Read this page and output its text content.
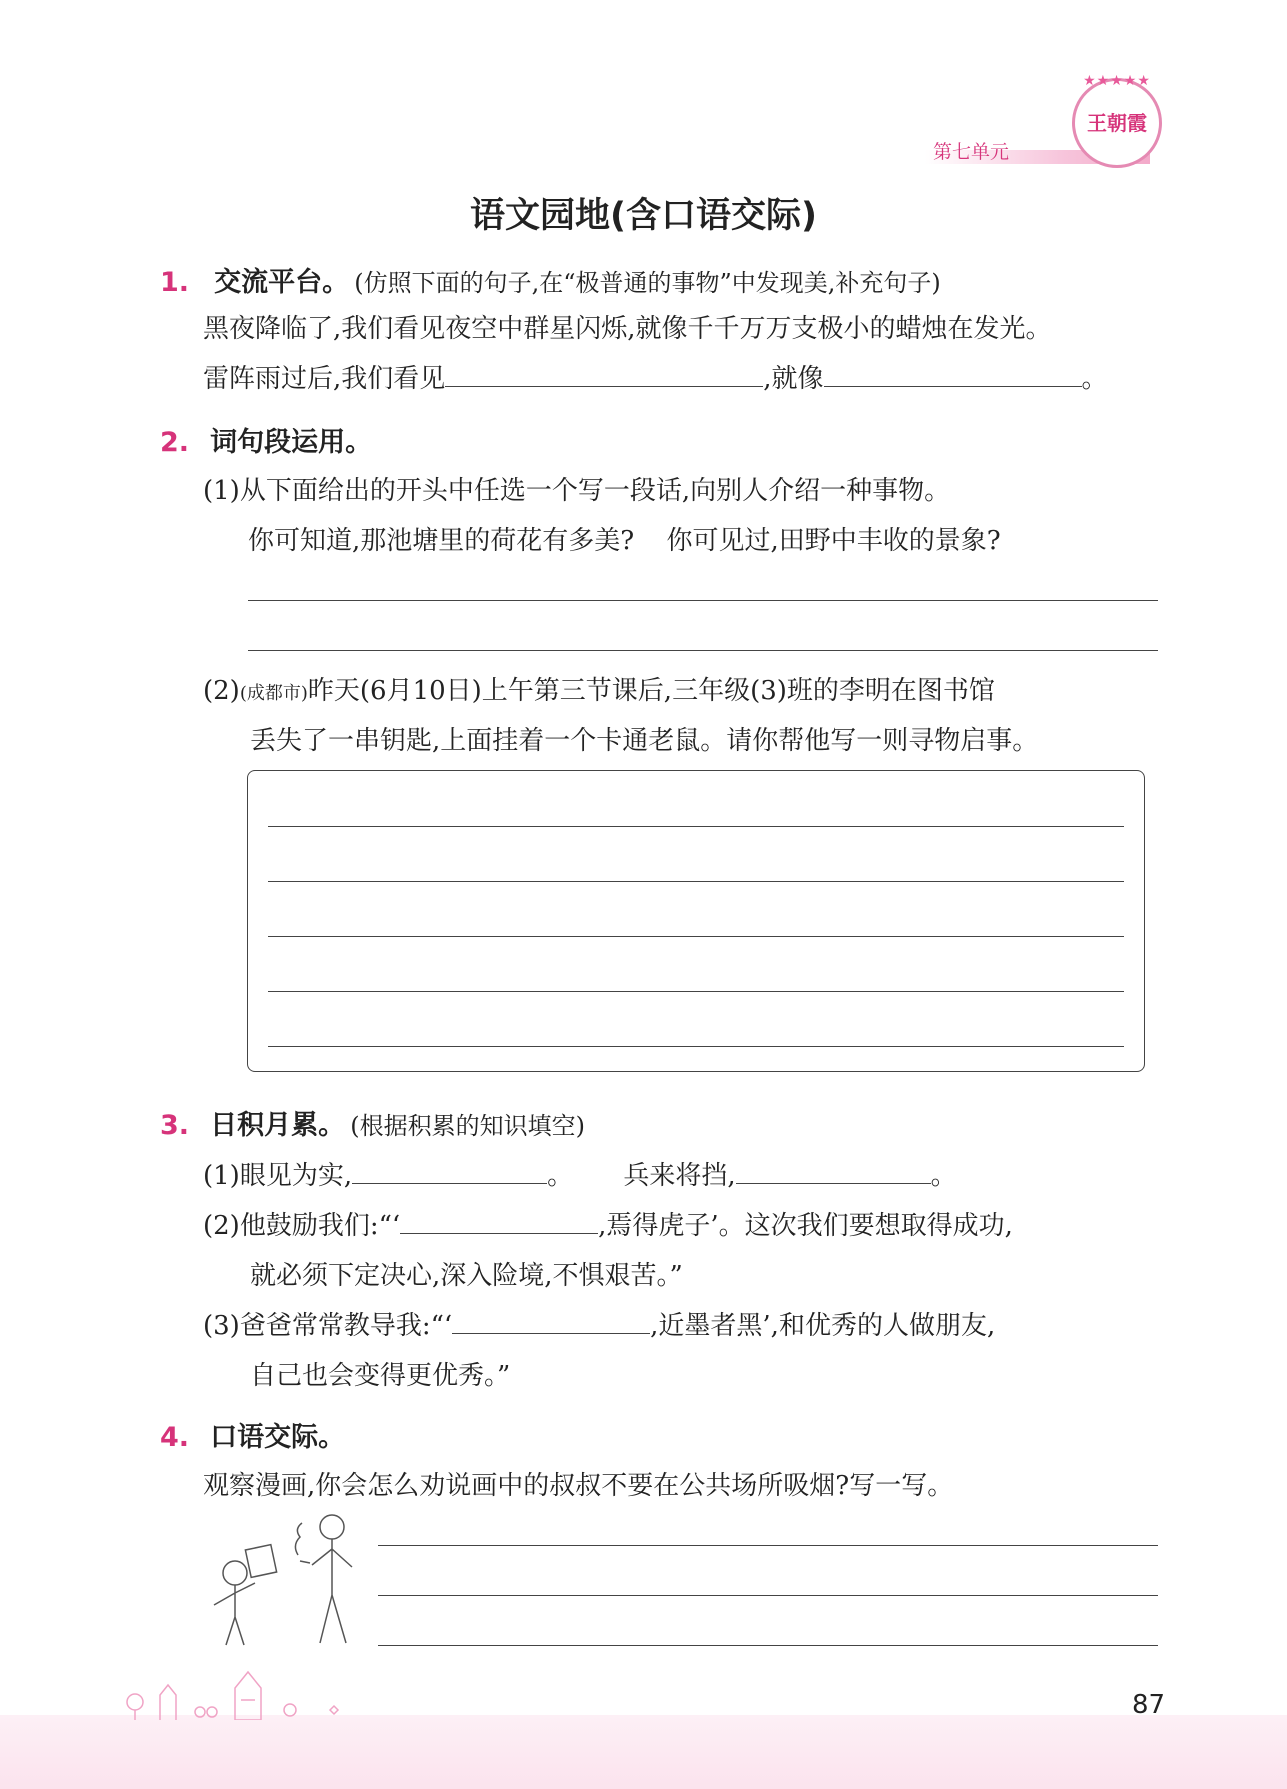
第七单元
★★★★★
王朝霞
语文园地(含口语交际)
1. 交流平台。 (仿照下面的句子,在“极普通的事物”中发现美,补充句子)
黑夜降临了,我们看见夜空中群星闪烁,就像千千万万支极小的蜡烛在发光。
雷阵雨过后,我们看见	,就像	。
2. 词句段运用。
(1)从下面给出的开头中任选一个写一段话,向别人介绍一种事物。
你可知道,那池塘里的荷花有多美? 你可见过,田野中丰收的景象?
(2)(成都市)昨天(6月10日)上午第三节课后,三年级(3)班的李明在图书馆
丢失了一串钥匙,上面挂着一个卡通老鼠。请你帮他写一则寻物启事。
3. 日积月累。 (根据积累的知识填空)
(1)眼见为实,	。 兵来将挡,	。
(2)他鼓励我们:“‘	,焉得虎子’。这次我们要想取得成功,
就必须下定决心,深入险境,不惧艰苦。”
(3)爸爸常常教导我:“‘	,近墨者黑’,和优秀的人做朋友,
自己也会变得更优秀。”
4. 口语交际。
观察漫画,你会怎么劝说画中的叔叔不要在公共场所吸烟?写一写。
87
